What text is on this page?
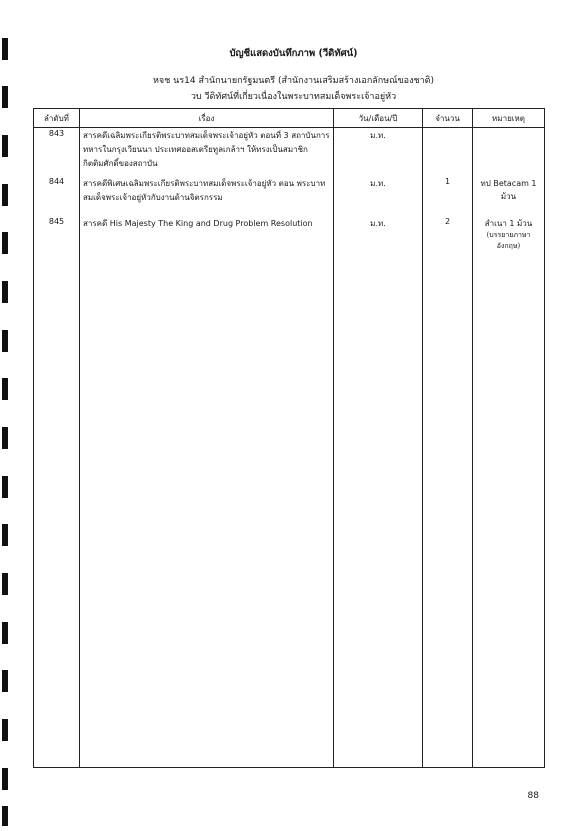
บัญชีแสดงบันทึกภาพ (วีดิทัศน์)
หจช นร14 สำนักนายกรัฐมนตรี (สำนักงานเสริมสร้างเอกลักษณ์ของชาติ)
วบ วีดิทัศน์ที่เกี่ยวเนื่องในพระบาทสมเด็จพระเจ้าอยู่หัว
ลำดับที่	เรื่อง	วัน/เดือน/ปี	จำนวน	หมายเหตุ
843	สารคดีเฉลิมพระเกียรติพระบาทสมเด็จพระเจ้าอยู่หัว ตอนที่ 3 สถาบันการทหารในกรุงเวียนนา ประเทศออสเตรียทูลเกล้าฯ ให้ทรงเป็นสมาชิกกิตติมศักดิ์ของสถาบัน	ม.ท.		
844	สารคดีพิเศษเฉลิมพระเกียรติพระบาทสมเด็จพระเจ้าอยู่หัว ตอน พระบาทสมเด็จพระเจ้าอยู่หัวกับงานด้านจิตรกรรม	ม.ท.	1	ทป Betacam 1 ม้วน
845	สารคดี His Majesty The King and Drug Problem Resolution	ม.ท.	2	สำเนา 1 ม้วน
(บรรยายภาษาอังกฤษ)
88
